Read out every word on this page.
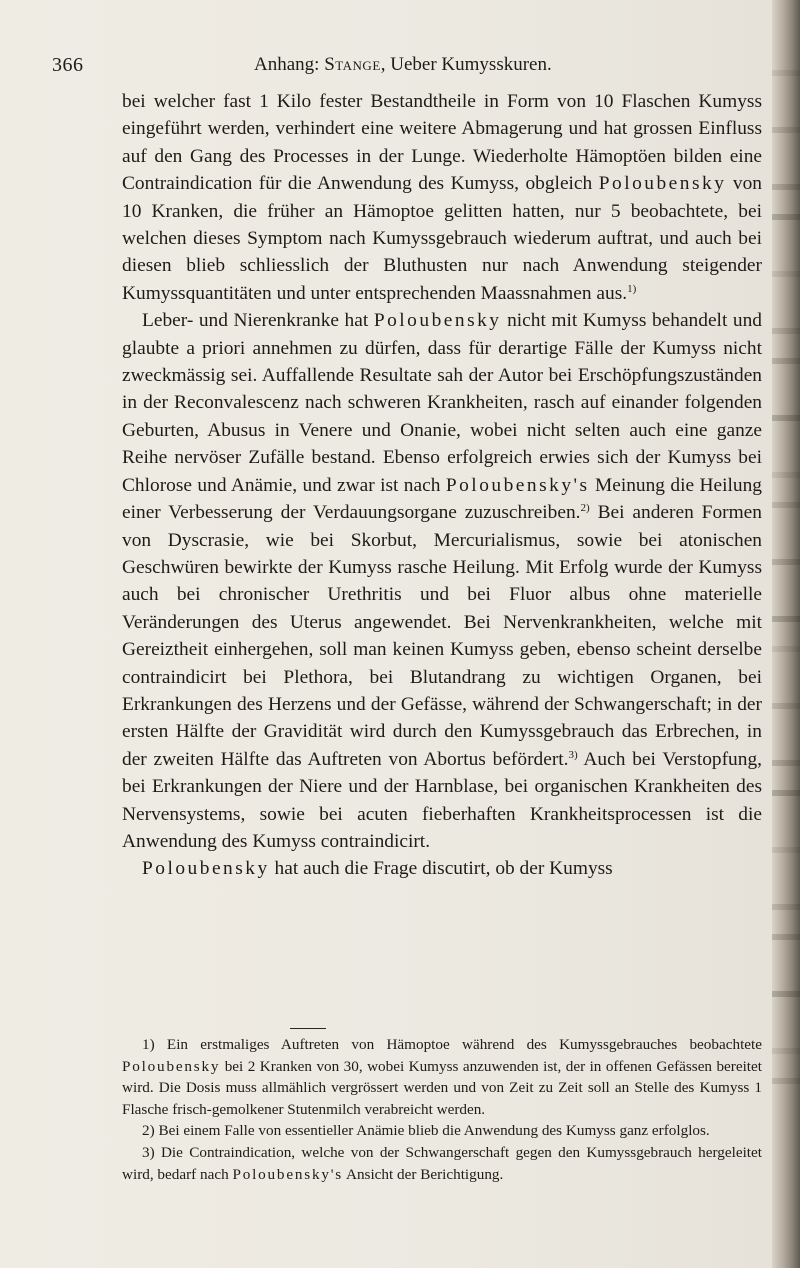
366	Anhang: Stange, Ueber Kumysskuren.

bei welcher fast 1 Kilo fester Bestandtheile in Form von 10 Flaschen Kumyss eingeführt werden, verhindert eine weitere Abmagerung und hat grossen Einfluss auf den Gang des Processes in der Lunge. Wiederholte Hämoptöen bilden eine Contraindication für die Anwendung des Kumyss, obgleich Poloubensky von 10 Kranken, die früher an Hämoptoe gelitten hatten, nur 5 beobachtete, bei welchen dieses Symptom nach Kumyssgebrauch wiederum auftrat, und auch bei diesen blieb schliesslich der Bluthusten nur nach Anwendung steigender Kumyssquantitäten und unter entsprechenden Maassnahmen aus.$^{1)}$

Leber- und Nierenkranke hat Poloubensky nicht mit Kumyss behandelt und glaubte a priori annehmen zu dürfen, dass für derartige Fälle der Kumyss nicht zweckmässig sei. Auffallende Resultate sah der Autor bei Erschöpfungszuständen in der Reconvalescenz nach schweren Krankheiten, rasch auf einander folgenden Geburten, Abusus in Venere und Onanie, wobei nicht selten auch eine ganze Reihe nervöser Zufälle bestand. Ebenso erfolgreich erwies sich der Kumyss bei Chlorose und Anämie, und zwar ist nach Poloubensky's Meinung die Heilung einer Verbesserung der Verdauungsorgane zuzuschreiben.$^{2)}$ Bei anderen Formen von Dyscrasie, wie bei Skorbut, Mercurialismus, sowie bei atonischen Geschwüren bewirkte der Kumyss rasche Heilung. Mit Erfolg wurde der Kumyss auch bei chronischer Urethritis und bei Fluor albus ohne materielle Veränderungen des Uterus angewendet. Bei Nervenkrankheiten, welche mit Gereiztheit einhergehen, soll man keinen Kumyss geben, ebenso scheint derselbe contraindicirt bei Plethora, bei Blutandrang zu wichtigen Organen, bei Erkrankungen des Herzens und der Gefässe, während der Schwangerschaft; in der ersten Hälfte der Gravidität wird durch den Kumyssgebrauch das Erbrechen, in der zweiten Hälfte das Auftreten von Abortus befördert.$^{3)}$ Auch bei Verstopfung, bei Erkrankungen der Niere und der Harnblase, bei organischen Krankheiten des Nervensystems, sowie bei acuten fieberhaften Krankheitsprocessen ist die Anwendung des Kumyss contraindicirt.

Poloubensky hat auch die Frage discutirt, ob der Kumyss

1) Ein erstmaliges Auftreten von Hämoptoe während des Kumyssgebrauches beobachtete Poloubensky bei 2 Kranken von 30, wobei Kumyss anzuwenden ist, der in offenen Gefässen bereitet wird. Die Dosis muss allmählich vergrössert werden und von Zeit zu Zeit soll an Stelle des Kumyss 1 Flasche frisch-gemolkener Stutenmilch verabreicht werden.

2) Bei einem Falle von essentieller Anämie blieb die Anwendung des Kumyss ganz erfolglos.

3) Die Contraindication, welche von der Schwangerschaft gegen den Kumyssgebrauch hergeleitet wird, bedarf nach Poloubensky's Ansicht der Berichtigung.
